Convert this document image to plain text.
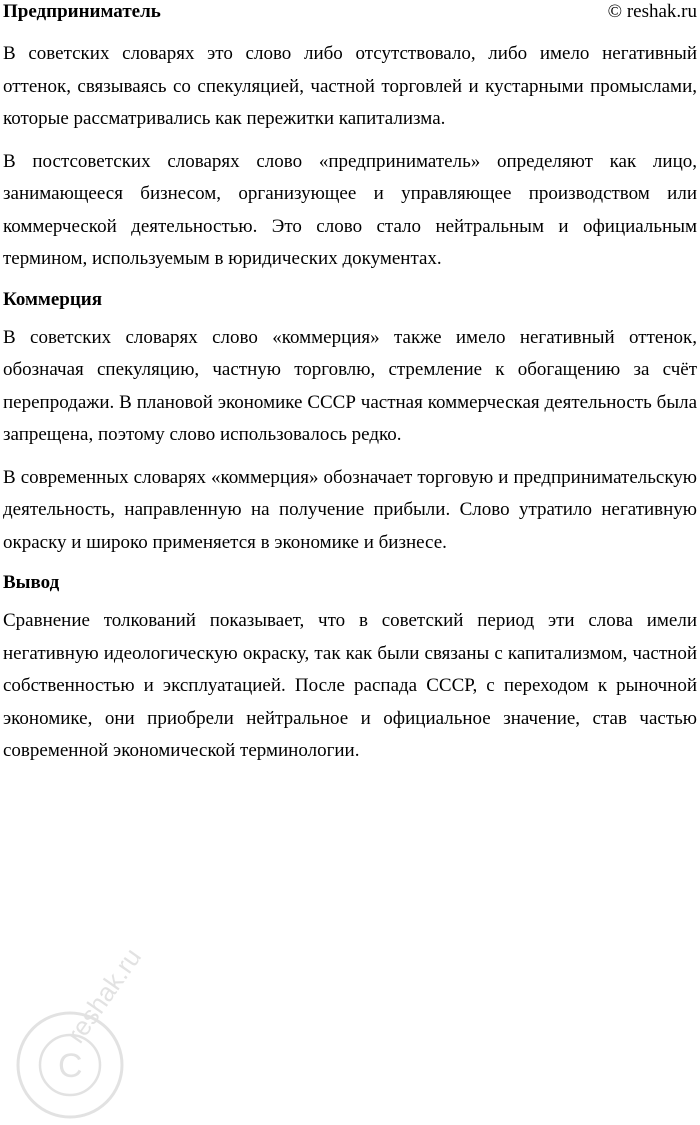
Предприниматель	© reshak.ru

В советских словарях это слово либо отсутствовало, либо имело негативный оттенок, связываясь со спекуляцией, частной торговлей и кустарными промыслами, которые рассматривались как пережитки капитализма.

В постсоветских словарях слово «предприниматель» определяют как лицо, занимающееся бизнесом, организующее и управляющее производством или коммерческой деятельностью. Это слово стало нейтральным и официальным термином, используемым в юридических документах.

Коммерция

В советских словарях слово «коммерция» также имело негативный оттенок, обозначая спекуляцию, частную торговлю, стремление к обогащению за счёт перепродажи. В плановой экономике СССР частная коммерческая деятельность была запрещена, поэтому слово использовалось редко.

В современных словарях «коммерция» обозначает торговую и предпринимательскую деятельность, направленную на получение прибыли. Слово утратило негативную окраску и широко применяется в экономике и бизнесе.

Вывод

Сравнение толкований показывает, что в советский период эти слова имели негативную идеологическую окраску, так как были связаны с капитализмом, частной собственностью и эксплуатацией. После распада СССР, с переходом к рыночной экономике, они приобрели нейтральное и официальное значение, став частью современной экономической терминологии.

C
reshak.ru
